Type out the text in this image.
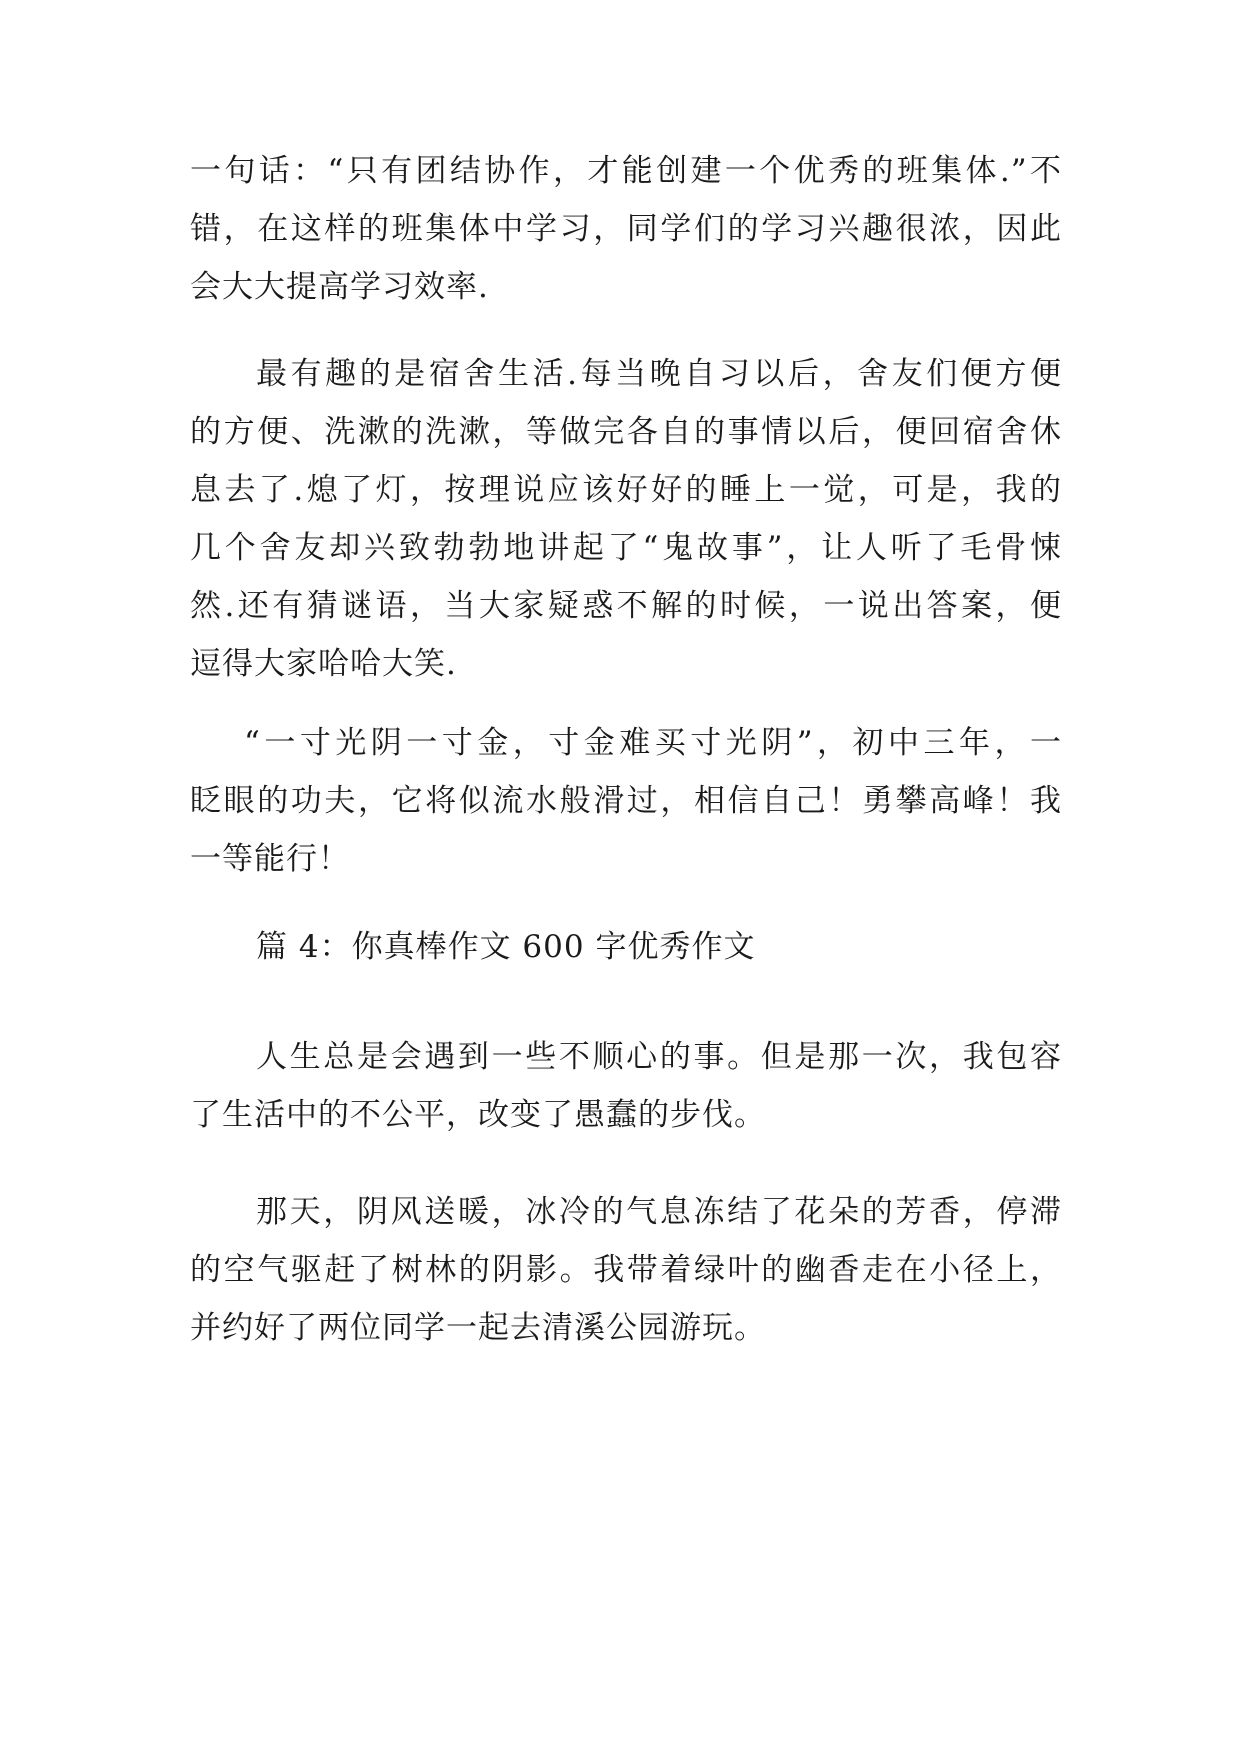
一句话：“只有团结协作，才能创建一个优秀的班集体.”不
错，在这样的班集体中学习，同学们的学习兴趣很浓，因此
会大大提高学习效率.
最有趣的是宿舍生活.每当晚自习以后，舍友们便方便
的方便、洗漱的洗漱，等做完各自的事情以后，便回宿舍休
息去了.熄了灯，按理说应该好好的睡上一觉，可是，我的
几个舍友却兴致勃勃地讲起了“鬼故事”，让人听了毛骨悚
然.还有猜谜语，当大家疑惑不解的时候，一说出答案，便
逗得大家哈哈大笑.
“一寸光阴一寸金，寸金难买寸光阴”，初中三年，一
眨眼的功夫，它将似流水般滑过，相信自己！勇攀高峰！我
一等能行！
篇 4：你真棒作文 600 字优秀作文
人生总是会遇到一些不顺心的事。但是那一次，我包容
了生活中的不公平，改变了愚蠢的步伐。
那天，阴风送暖，冰冷的气息冻结了花朵的芳香，停滞
的空气驱赶了树林的阴影。我带着绿叶的幽香走在小径上，
并约好了两位同学一起去清溪公园游玩。
